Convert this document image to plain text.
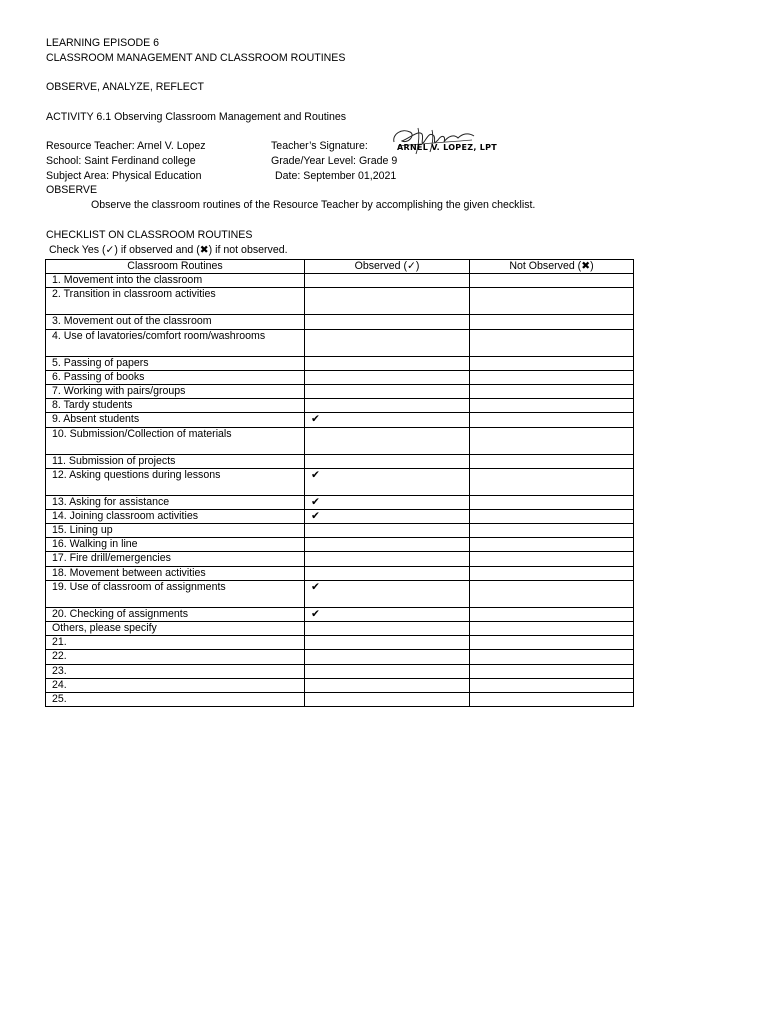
LEARNING EPISODE 6
CLASSROOM MANAGEMENT AND CLASSROOM ROUTINES
OBSERVE, ANALYZE, REFLECT
ACTIVITY 6.1 Observing Classroom Management and Routines
Resource Teacher: Arnel V. Lopez	Teacher’s Signature:	ARNEL V. LOPEZ, LPT
School: Saint Ferdinand college	Grade/Year Level: Grade 9
Subject Area: Physical Education	Date: September 01,2021
OBSERVE
Observe the classroom routines of the Resource Teacher by accomplishing the given checklist.
CHECKLIST ON CLASSROOM ROUTINES
Check Yes (✓) if observed and (✖) if not observed.
Classroom Routines	Observed (✓)	Not Observed (✖)
1. Movement into the classroom		
2. Transition in classroom activities		
3. Movement out of the classroom		
4. Use of lavatories/comfort room/washrooms		
5. Passing of papers		
6. Passing of books		
7. Working with pairs/groups		
8. Tardy students		
9. Absent students	✔	
10. Submission/Collection of materials		
11. Submission of projects		
12. Asking questions during lessons	✔	
13. Asking for assistance	✔	
14. Joining classroom activities	✔	
15. Lining up		
16. Walking in line		
17. Fire drill/emergencies		
18. Movement between activities		
19. Use of classroom of assignments	✔	
20. Checking of assignments	✔	
Others, please specify		
21.		
22.		
23.		
24.		
25.		
